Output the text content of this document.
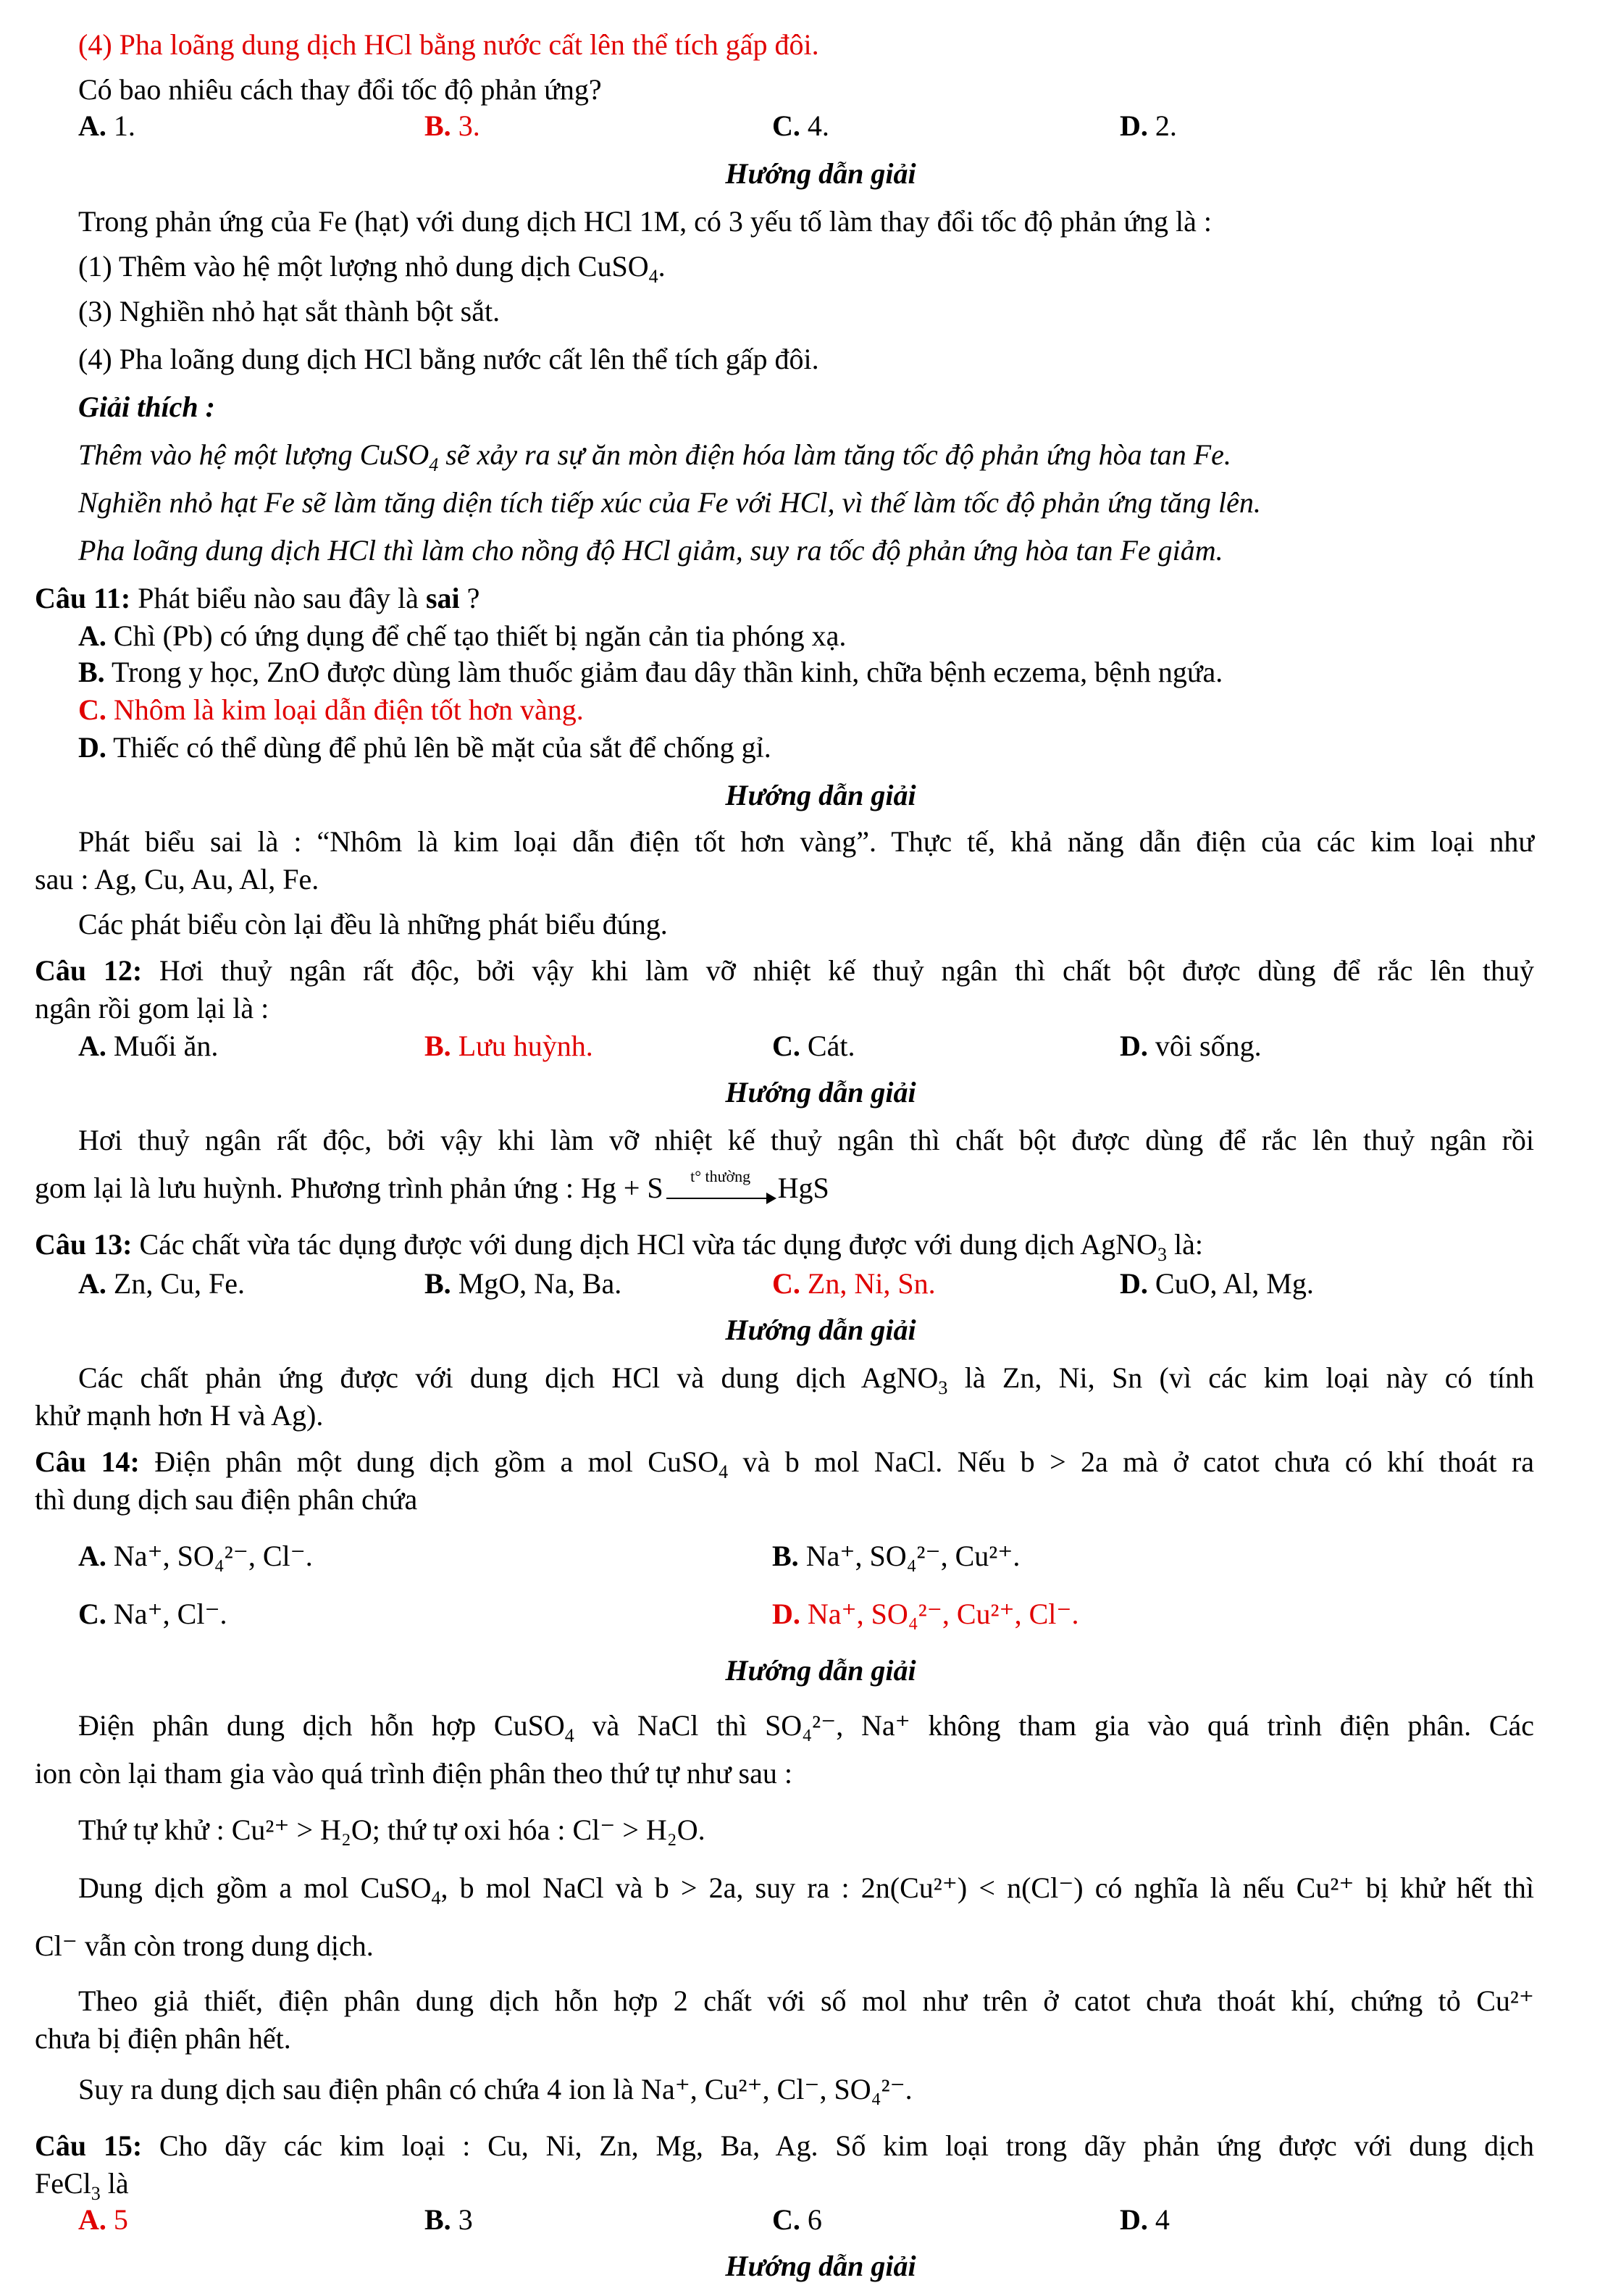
(4) Pha loãng dung dịch HCl bằng nước cất lên thể tích gấp đôi.
Có bao nhiêu cách thay đổi tốc độ phản ứng?
A. 1.	B. 3.	C. 4.	D. 2.
Hướng dẫn giải
Trong phản ứng của Fe (hạt) với dung dịch HCl 1M, có 3 yếu tố làm thay đổi tốc độ phản ứng là :
(1) Thêm vào hệ một lượng nhỏ dung dịch CuSO$_4$.
(3) Nghiền nhỏ hạt sắt thành bột sắt.
(4) Pha loãng dung dịch HCl bằng nước cất lên thể tích gấp đôi.
Giải thích :
Thêm vào hệ một lượng CuSO$_4$ sẽ xảy ra sự ăn mòn điện hóa làm tăng tốc độ phản ứng hòa tan Fe.
Nghiền nhỏ hạt Fe sẽ làm tăng diện tích tiếp xúc của Fe với HCl, vì thế làm tốc độ phản ứng tăng lên.
Pha loãng dung dịch HCl thì làm cho nồng độ HCl giảm, suy ra tốc độ phản ứng hòa tan Fe giảm.
Câu 11: Phát biểu nào sau đây là sai ?
A. Chì (Pb) có ứng dụng để chế tạo thiết bị ngăn cản tia phóng xạ.
B. Trong y học, ZnO được dùng làm thuốc giảm đau dây thần kinh, chữa bệnh eczema, bệnh ngứa.
C. Nhôm là kim loại dẫn điện tốt hơn vàng.
D. Thiếc có thể dùng để phủ lên bề mặt của sắt để chống gỉ.
Hướng dẫn giải
Phát biểu sai là : “Nhôm là kim loại dẫn điện tốt hơn vàng”. Thực tế, khả năng dẫn điện của các kim loại như
sau : Ag, Cu, Au, Al, Fe.
Các phát biểu còn lại đều là những phát biểu đúng.
Câu 12: Hơi thuỷ ngân rất độc, bởi vậy khi làm vỡ nhiệt kế thuỷ ngân thì chất bột được dùng để rắc lên thuỷ
ngân rồi gom lại là :
A. Muối ăn.	B. Lưu huỳnh.	C. Cát.	D. vôi sống.
Hướng dẫn giải
Hơi thuỷ ngân rất độc, bởi vậy khi làm vỡ nhiệt kế thuỷ ngân thì chất bột được dùng để rắc lên thuỷ ngân rồi
gom lại là lưu huỳnh. Phương trình phản ứng : Hg + S	t° thường HgS
Câu 13: Các chất vừa tác dụng được với dung dịch HCl vừa tác dụng được với dung dịch AgNO$_3$ là:
A. Zn, Cu, Fe.	B. MgO, Na, Ba.	C. Zn, Ni, Sn.	D. CuO, Al, Mg.
Hướng dẫn giải
Các chất phản ứng được với dung dịch HCl và dung dịch AgNO$_3$ là Zn, Ni, Sn (vì các kim loại này có tính
khử mạnh hơn H và Ag).
Câu 14: Điện phân một dung dịch gồm a mol CuSO$_4$ và b mol NaCl. Nếu b > 2a mà ở catot chưa có khí thoát ra
thì dung dịch sau điện phân chứa
A. Na⁺, SO₄²⁻, Cl⁻.	B. Na⁺, SO₄²⁻, Cu²⁺.
C. Na⁺, Cl⁻.	D. Na⁺, SO₄²⁻, Cu²⁺, Cl⁻.
Hướng dẫn giải
Điện phân dung dịch hỗn hợp CuSO$_4$ và NaCl thì SO₄²⁻, Na⁺ không tham gia vào quá trình điện phân. Các
ion còn lại tham gia vào quá trình điện phân theo thứ tự như sau :
Thứ tự khử : Cu²⁺ > H₂O; thứ tự oxi hóa : Cl⁻ > H₂O.
Dung dịch gồm a mol CuSO$_4$, b mol NaCl và b > 2a, suy ra : 2n(Cu²⁺) < n(Cl⁻) có nghĩa là nếu Cu²⁺ bị khử hết thì
Cl⁻ vẫn còn trong dung dịch.
Theo giả thiết, điện phân dung dịch hỗn hợp 2 chất với số mol như trên ở catot chưa thoát khí, chứng tỏ Cu²⁺
chưa bị điện phân hết.
Suy ra dung dịch sau điện phân có chứa 4 ion là Na⁺, Cu²⁺, Cl⁻, SO₄²⁻.
Câu 15: Cho dãy các kim loại : Cu, Ni, Zn, Mg, Ba, Ag. Số kim loại trong dãy phản ứng được với dung dịch
FeCl$_3$ là
A. 5	B. 3	C. 6	D. 4
Hướng dẫn giải
